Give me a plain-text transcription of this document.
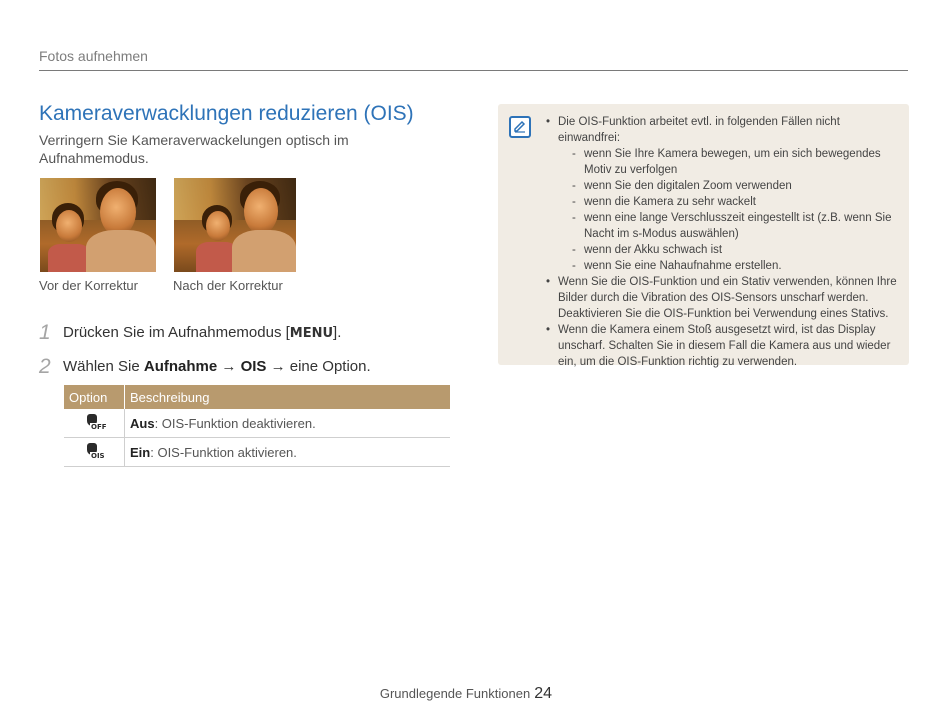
Fotos aufnehmen
Kameraverwacklungen reduzieren (OIS)
Verringern Sie Kameraverwackelungen optisch im Aufnahmemodus.
Vor der Korrektur	Nach der Korrektur
1 Drücken Sie im Aufnahmemodus [MENU].
2 Wählen Sie Aufnahme → OIS → eine Option.
Option	Beschreibung

OFF	Aus: OIS-Funktion deaktivieren.

OIS	Ein: OIS-Funktion aktivieren.
• Die OIS-Funktion arbeitet evtl. in folgenden Fällen nicht einwandfrei:
- wenn Sie Ihre Kamera bewegen, um ein sich bewegendes Motiv zu verfolgen
- wenn Sie den digitalen Zoom verwenden
- wenn die Kamera zu sehr wackelt
- wenn eine lange Verschlusszeit eingestellt ist (z.B. wenn Sie Nacht im s-Modus auswählen)
- wenn der Akku schwach ist
- wenn Sie eine Nahaufnahme erstellen.
• Wenn Sie die OIS-Funktion und ein Stativ verwenden, können Ihre Bilder durch die Vibration des OIS-Sensors unscharf werden. Deaktivieren Sie die OIS-Funktion bei Verwendung eines Stativs.
• Wenn die Kamera einem Stoß ausgesetzt wird, ist das Display unscharf. Schalten Sie in diesem Fall die Kamera aus und wieder ein, um die OIS-Funktion richtig zu verwenden.
Grundlegende Funktionen 24
